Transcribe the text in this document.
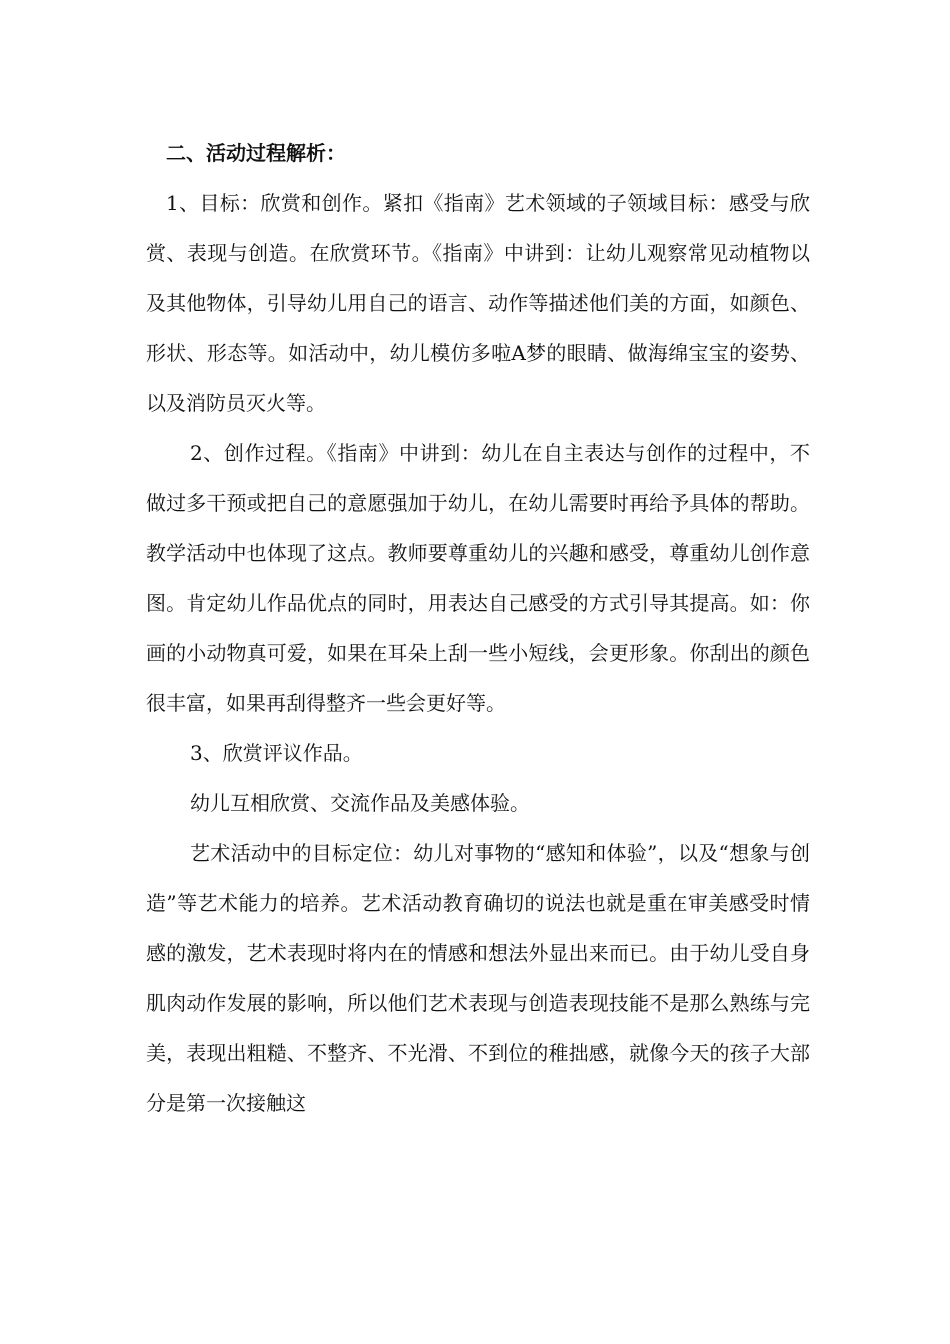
二、活动过程解析：

1、目标：欣赏和创作。紧扣《指南》艺术领域的子领域目标：感受与欣赏、表现与创造。在欣赏环节。《指南》中讲到：让幼儿观察常见动植物以及其他物体，引导幼儿用自己的语言、动作等描述他们美的方面，如颜色、形状、形态等。如活动中，幼儿模仿多啦A梦的眼睛、做海绵宝宝的姿势、以及消防员灭火等。

2、创作过程。《指南》中讲到：幼儿在自主表达与创作的过程中，不做过多干预或把自己的意愿强加于幼儿，在幼儿需要时再给予具体的帮助。教学活动中也体现了这点。教师要尊重幼儿的兴趣和感受，尊重幼儿创作意图。肯定幼儿作品优点的同时，用表达自己感受的方式引导其提高。如：你画的小动物真可爱，如果在耳朵上刮一些小短线，会更形象。你刮出的颜色很丰富，如果再刮得整齐一些会更好等。

3、欣赏评议作品。

幼儿互相欣赏、交流作品及美感体验。

艺术活动中的目标定位：幼儿对事物的“感知和体验”，以及“想象与创造”等艺术能力的培养。艺术活动教育确切的说法也就是重在审美感受时情感的激发，艺术表现时将内在的情感和想法外显出来而已。由于幼儿受自身肌肉动作发展的影响，所以他们艺术表现与创造表现技能不是那么熟练与完美，表现出粗糙、不整齐、不光滑、不到位的稚拙感，就像今天的孩子大部分是第一次接触这
